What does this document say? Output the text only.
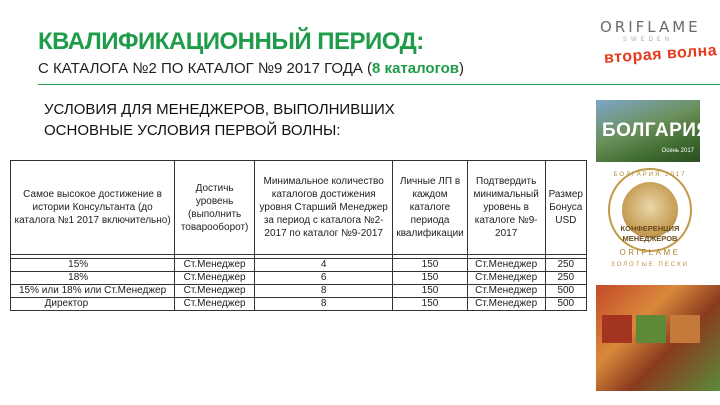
КВАЛИФИКАЦИОННЫЙ ПЕРИОД:
С КАТАЛОГА №2 ПО КАТАЛОГ №9 2017 ГОДА (8 каталогов)
ORIFLAME
SWEDEN
вторая волна
УСЛОВИЯ ДЛЯ МЕНЕДЖЕРОВ, ВЫПОЛНИВШИХ
ОСНОВНЫЕ УСЛОВИЯ ПЕРВОЙ ВОЛНЫ:
Самое высокое достижение в истории Консультанта (до каталога №1 2017 включительно)	Достичь уровень (выполнить товарооборот)	Минимальное количество каталогов достижения уровня Старший Менеджер за период с каталога №2-2017 по каталог №9-2017	Личные ЛП в каждом каталоге периода квалификации	Подтвердить минимальный уровень в каталоге №9-2017	Размер Бонуса USD

15%	Ст.Менеджер	4	150	Ст.Менеджер	250
18%	Ст.Менеджер	6	150	Ст.Менеджер	250
15% или 18% или Ст.Менеджер	Ст.Менеджер	8	150	Ст.Менеджер	500
Директор	Ст.Менеджер	8	150	Ст.Менеджер	500
БОЛГАРИЯ
Осень 2017
БОЛГАРИЯ 2017
КОНФЕРЕНЦИЯ
МЕНЕДЖЕРОВ
ORIFLAME
ЗОЛОТЫЕ ПЕСКИ
